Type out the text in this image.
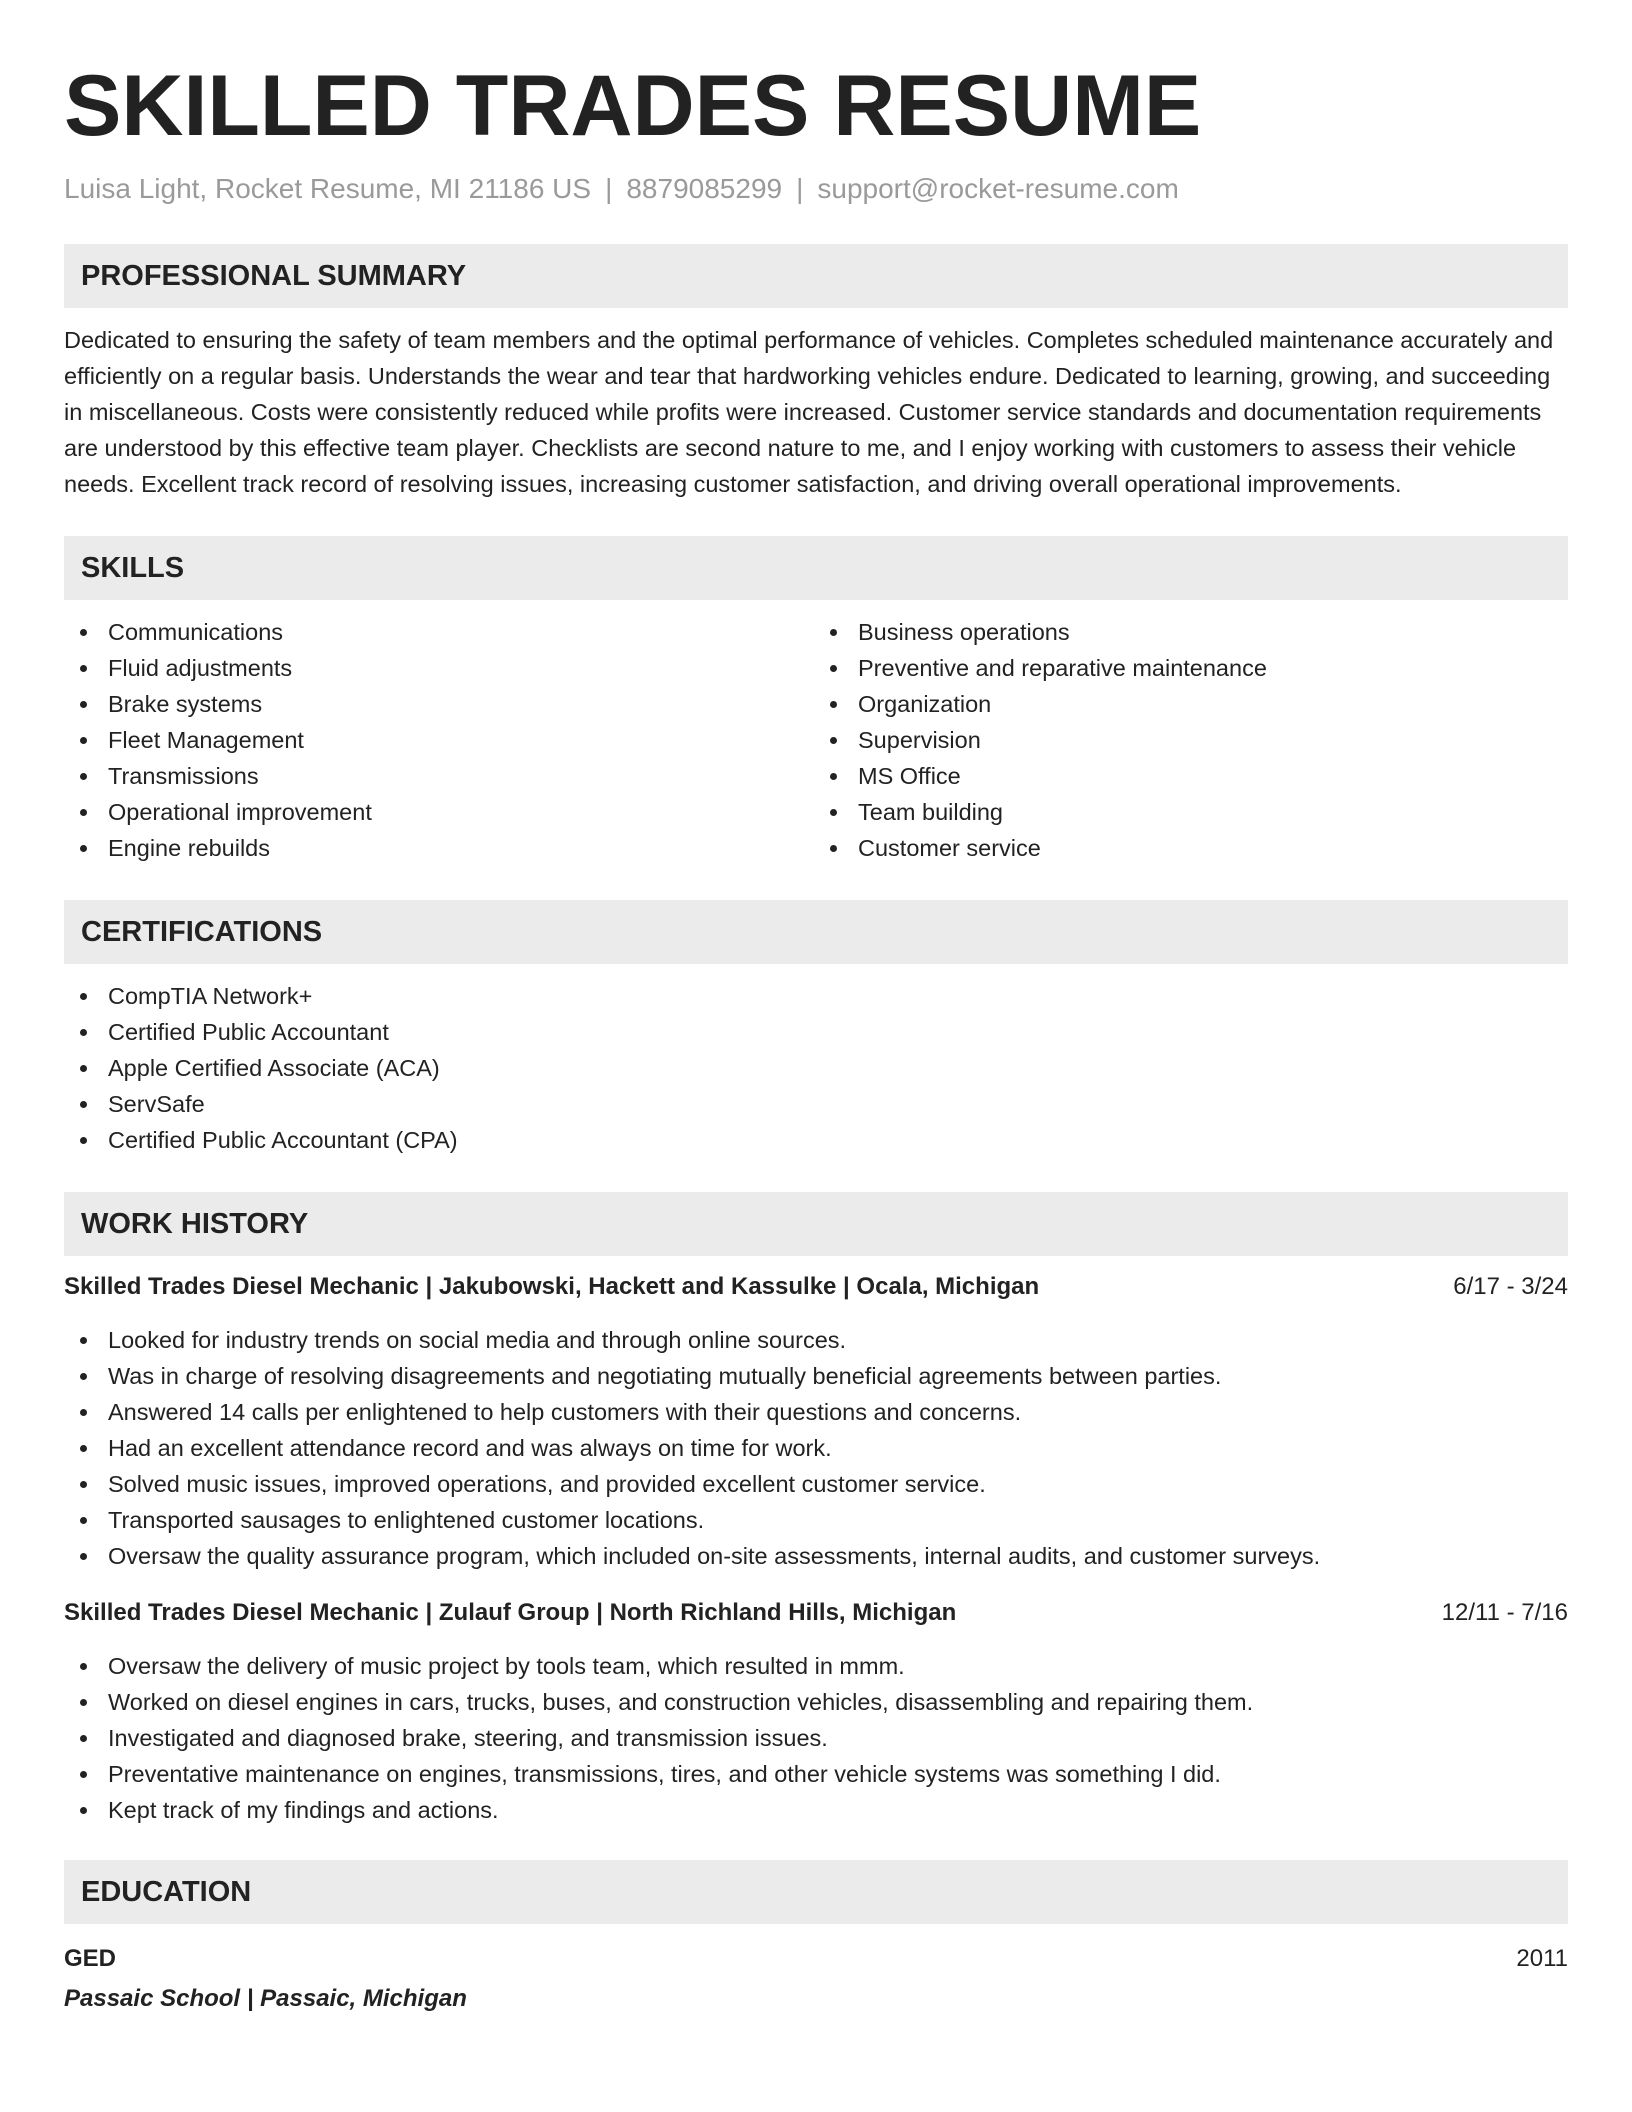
SKILLED TRADES RESUME
Luisa Light, Rocket Resume, MI 21186 US | 8879085299 | support@rocket-resume.com
PROFESSIONAL SUMMARY

Dedicated to ensuring the safety of team members and the optimal performance of vehicles. Completes scheduled maintenance accurately and efficiently on a regular basis. Understands the wear and tear that hardworking vehicles endure. Dedicated to learning, growing, and succeeding in miscellaneous. Costs were consistently reduced while profits were increased. Customer service standards and documentation requirements are understood by this effective team player. Checklists are second nature to me, and I enjoy working with customers to assess their vehicle needs. Excellent track record of resolving issues, increasing customer satisfaction, and driving overall operational improvements.

SKILLS
Communications
Fluid adjustments
Brake systems
Fleet Management
Transmissions
Operational improvement
Engine rebuilds
Business operations
Preventive and reparative maintenance
Organization
Supervision
MS Office
Team building
Customer service
CERTIFICATIONS
CompTIA Network+
Certified Public Accountant
Apple Certified Associate (ACA)
ServSafe
Certified Public Accountant (CPA)
WORK HISTORY
Skilled Trades Diesel Mechanic | Jakubowski, Hackett and Kassulke | Ocala, Michigan	6/17 - 3/24
Looked for industry trends on social media and through online sources.
Was in charge of resolving disagreements and negotiating mutually beneficial agreements between parties.
Answered 14 calls per enlightened to help customers with their questions and concerns.
Had an excellent attendance record and was always on time for work.
Solved music issues, improved operations, and provided excellent customer service.
Transported sausages to enlightened customer locations.
Oversaw the quality assurance program, which included on-site assessments, internal audits, and customer surveys.
Skilled Trades Diesel Mechanic | Zulauf Group | North Richland Hills, Michigan	12/11 - 7/16
Oversaw the delivery of music project by tools team, which resulted in mmm.
Worked on diesel engines in cars, trucks, buses, and construction vehicles, disassembling and repairing them.
Investigated and diagnosed brake, steering, and transmission issues.
Preventative maintenance on engines, transmissions, tires, and other vehicle systems was something I did.
Kept track of my findings and actions.
EDUCATION
GED	2011
Passaic School | Passaic, Michigan
